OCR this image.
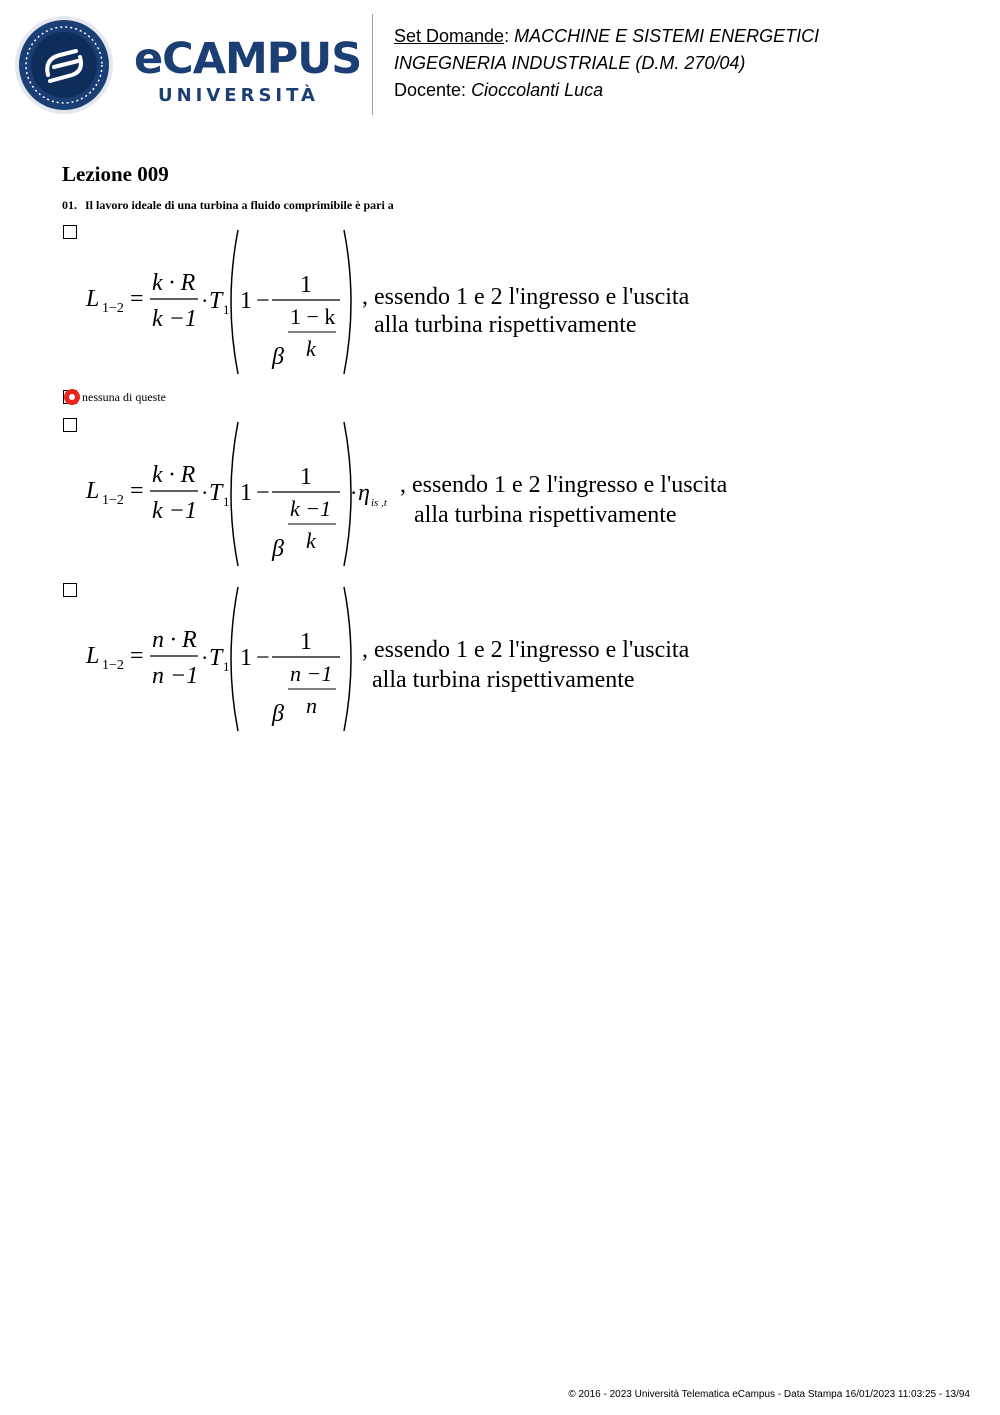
eCAMPUS
UNIVERSITÀ
Set Domande: MACCHINE E SISTEMI ENERGETICI
INGEGNERIA INDUSTRIALE (D.M. 270/04)
Docente: Cioccolanti Luca
Lezione 009
01. Il lavoro ideale di una turbina a fluido comprimibile è pari a
L 1−2 =
k · R
k −1
· T 1 1 −
1
β
1 − k
k
, essendo 1 e 2 l'ingresso e l'uscita
alla turbina rispettivamente
nessuna di queste
L 1−2 =
k · R
k −1
· T 1 1 −
1
β
k −1
k
· η is ,t
, essendo 1 e 2 l'ingresso e l'uscita
alla turbina rispettivamente
L 1−2 =
n · R
n −1
· T 1 1 −
1
β
n −1
n
, essendo 1 e 2 l'ingresso e l'uscita
alla turbina rispettivamente
© 2016 - 2023 Università Telematica eCampus - Data Stampa 16/01/2023 11:03:25 - 13/94
